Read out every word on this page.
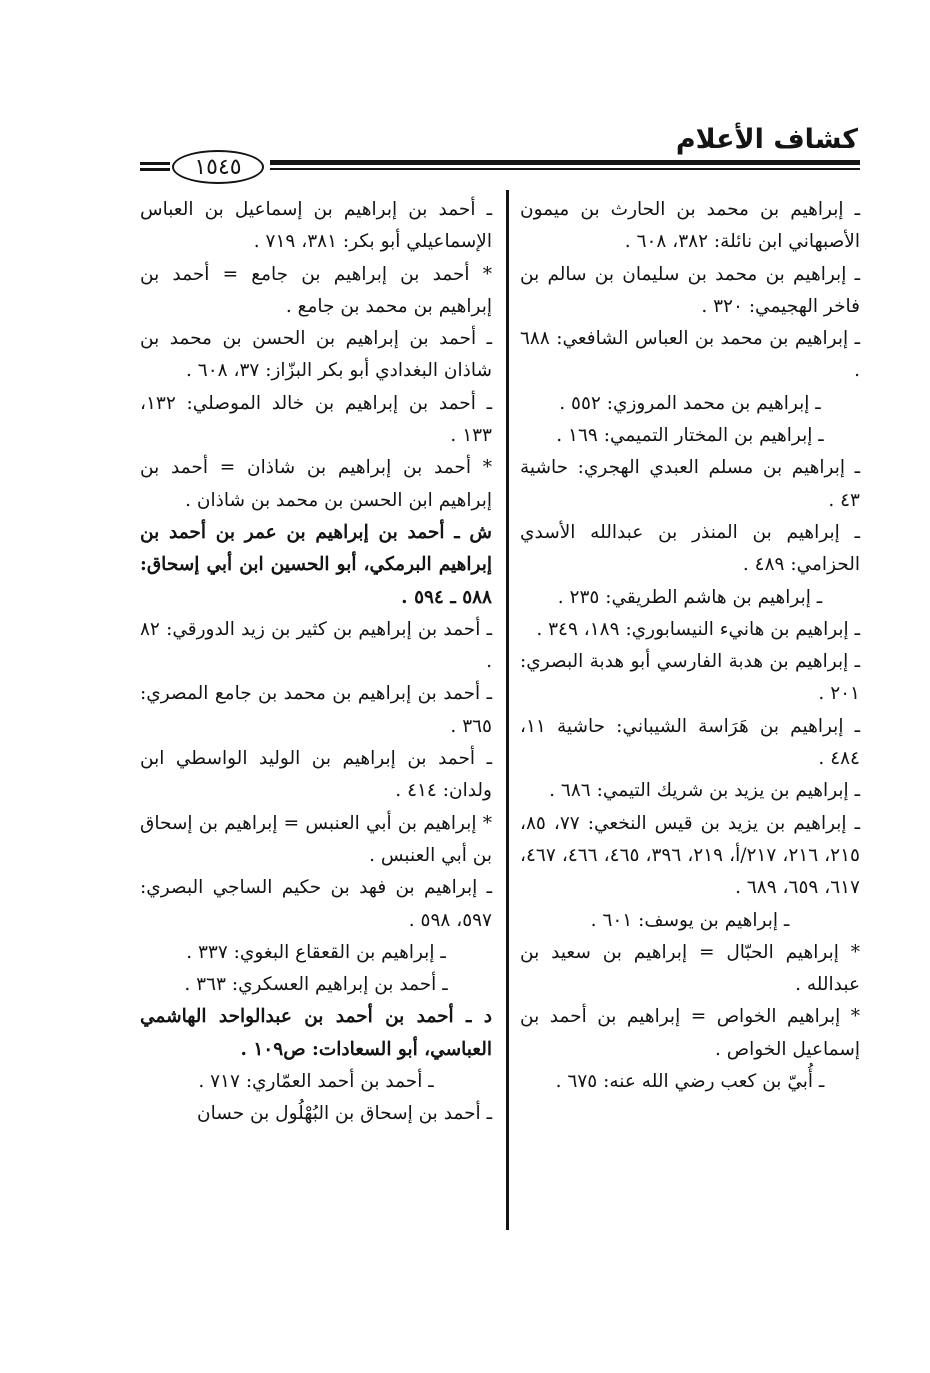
كشاف الأعلام
١٥٤٥

ـ إبراهيم بن محمد بن الحارث بن ميمون الأصبهاني ابن نائلة: ٣٨٢، ٦٠٨ .

ـ إبراهيم بن محمد بن سليمان بن سالم بن فاخر الهجيمي: ٣٢٠ .

ـ إبراهيم بن محمد بن العباس الشافعي: ٦٨٨ .

ـ إبراهيم بن محمد المروزي: ٥٥٢ .

ـ إبراهيم بن المختار التميمي: ١٦٩ .

ـ إبراهيم بن مسلم العبدي الهجري: حاشية ٤٣ .

ـ إبراهيم بن المنذر بن عبدالله الأسدي الحزامي: ٤٨٩ .

ـ إبراهيم بن هاشم الطريقي: ٢٣٥ .

ـ إبراهيم بن هانيء النيسابوري: ١٨٩، ٣٤٩ .

ـ إبراهيم بن هدبة الفارسي أبو هدبة البصري: ٢٠١ .

ـ إبراهيم بن هَرَاسة الشيباني: حاشية ١١، ٤٨٤ .

ـ إبراهيم بن يزيد بن شريك التيمي: ٦٨٦ .

ـ إبراهيم بن يزيد بن قيس النخعي: ٧٧، ٨٥، ٢١٥، ٢١٦، ٢١٧/أ، ٢١٩، ٣٩٦، ٤٦٥، ٤٦٦، ٤٦٧، ٦١٧، ٦٥٩، ٦٨٩ .

ـ إبراهيم بن يوسف: ٦٠١ .

* إبراهيم الحبّال = إبراهيم بن سعيد بن عبدالله .

* إبراهيم الخواص = إبراهيم بن أحمد بن إسماعيل الخواص .

ـ أُبيّ بن كعب رضي الله عنه: ٦٧٥ .

ـ أحمد بن إبراهيم بن إسماعيل بن العباس الإسماعيلي أبو بكر: ٣٨١، ٧١٩ .

* أحمد بن إبراهيم بن جامع = أحمد بن إبراهيم بن محمد بن جامع .

ـ أحمد بن إبراهيم بن الحسن بن محمد بن شاذان البغدادي أبو بكر البزّاز: ٣٧، ٦٠٨ .

ـ أحمد بن إبراهيم بن خالد الموصلي: ١٣٢، ١٣٣ .

* أحمد بن إبراهيم بن شاذان = أحمد بن إبراهيم ابن الحسن بن محمد بن شاذان .

ش ـ أحمد بن إبراهيم بن عمر بن أحمد بن إبراهيم البرمكي، أبو الحسين ابن أبي إسحاق: ٥٨٨ ـ ٥٩٤ .

ـ أحمد بن إبراهيم بن كثير بن زيد الدورقي: ٨٢ .

ـ أحمد بن إبراهيم بن محمد بن جامع المصري: ٣٦٥ .

ـ أحمد بن إبراهيم بن الوليد الواسطي ابن ولدان: ٤١٤ .

* إبراهيم بن أبي العنبس = إبراهيم بن إسحاق بن أبي العنبس .

ـ إبراهيم بن فهد بن حكيم الساجي البصري: ٥٩٧، ٥٩٨ .

ـ إبراهيم بن القعقاع البغوي: ٣٣٧ .

ـ أحمد بن إبراهيم العسكري: ٣٦٣ .

د ـ أحمد بن أحمد بن عبدالواحد الهاشمي العباسي، أبو السعادات: ص١٠٩ .

ـ أحمد بن أحمد العمّاري: ٧١٧ .

ـ أحمد بن إسحاق بن البُهْلُول بن حسان
